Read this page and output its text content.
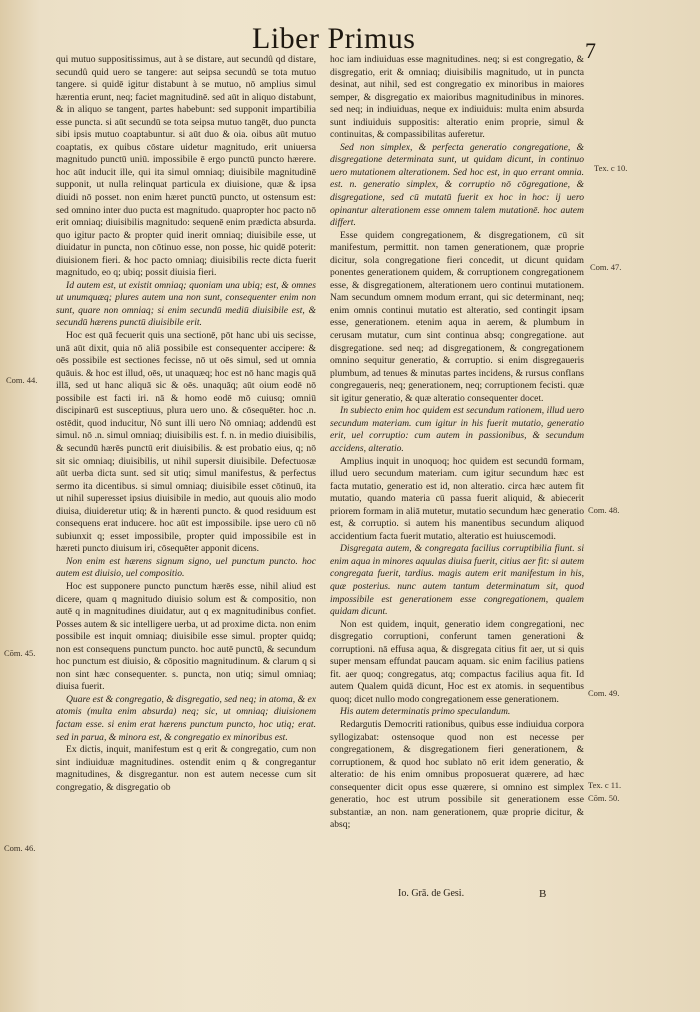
Liber Primus	7

qui mutuo suppositissimus, aut à se distare, aut secundû qd distare, secundû quid uero se tangere: aut seipsa secundû se tota mutuo tangere. si quidē igitur distabunt à se mutuo, nō amplius simul hærentia erunt, neq; faciet magnitudinē. sed aūt in aliquo distabunt, & in aliquo se tangent, partes habebunt: sed supponit impartibilia esse puncta. si aūt secundū se tota seipsa mutuo tangēt, duo puncta sibi ipsis mutuo coaptabuntur. si aūt duo & oia. oibus aūt mutuo coaptatis, ex quibus cōstare uidetur magnitudo, erit uniuersa magnitudo punctū uniū. impossibile ē ergo punctū puncto hærere. hoc aūt inducit ille, qui ita simul omniaq; diuisibile magnitudinē supponit, ut nulla relinquat particula ex diuisione, quæ & ipsa diuidi nō posset. non enim hæret punctū puncto, ut ostensum est: sed omnino inter duo pucta est magnitudo. quapropter hoc pacto nō erit omniaq; diuisibilis magnitudo: sequenē enim prædicta absurda. quo igitur pacto & propter quid inerit omniaq; diuisibile esse, ut diuidatur in puncta, non cōtinuo esse, non posse, hic quidē poterit: diuisionem fieri. & hoc pacto omniaq; diuisibilis recte dicta fuerit magnitudo, eo q; ubiq; possit diuisia fieri.

Id autem est, ut existit omniaq; quoniam una ubiq; est, & omnes ut unumquæq; plures autem una non sunt, consequenter enim non sunt, quare non omniaq; si enim secundū mediū diuisibile est, & secundū hærens punctū diuisibile erit.

Hoc est quā fecuerit quis una sectionē, pōt hanc ubi uis secisse, unā aūt dixit, quia nō aliā possibile est consequenter accipere: & oēs possibile est sectiones fecisse, nō ut oēs simul, sed ut omnia quāuis. & hoc est illud, oēs, ut unaquæq; hoc est nō hanc magis quā illā, sed ut hanc aliquā sic & oēs. unaquāq; aūt oium eodē nō possibile est facti iri. nā & homo eodē mō cuiusq; omniū discipinarū est susceptiuus, plura uero uno. & cōsequēter. hoc .n. ostēdit, quod inducitur, Nō sunt illi uero Nō omniaq; addendū est simul. nō .n. simul omniaq; diuisibilis est. f. n. in medio diuisibilis, & secundū hærēs punctū erit diuisibilis. & est probatio eius, q; nō sit sic omniaq; diuisibilis, ut nihil supersit diuisibile. Defectuosæ aūt uerba dicta sunt. sed sit utiq; simul manifestus, & perfectus sermo ita dicentibus. si simul omniaq; diuisibile esset cōtinuū, ita ut nihil superesset ipsius diuisibile in medio, aut quouis alio modo diuisa, diuideretur utiq; & in hærenti puncto. & quod residuum est consequens erat inducere. hoc aūt est impossibile. ipse uero cū nō subiunxit q; esset impossibile, propter quid impossibile est in hæreti puncto diuisum iri, cōsequēter apponit dicens.

Non enim est hærens signum signo, uel punctum puncto. hoc autem est diuisio, uel compositio.

Hoc est supponere puncto punctum hærēs esse, nihil aliud est dicere, quam q magnitudo diuisio solum est & compositio, non autē q in magnitudines diuidatur, aut q ex magnitudinibus confiet. Posses autem & sic intelligere uerba, ut ad proxime dicta. non enim possibile est inquit omniaq; diuisibile esse simul. propter quidq; non est consequens punctum puncto. hoc autē punctū, & secundum hoc punctum est diuisio, & cōpositio magnitudinum. & clarum q si non sint hæc consequenter. s. puncta, non utiq; simul omniaq; diuisa fuerit.

Quare est & congregatio, & disgregatio, sed neq; in atoma, & ex atomis (multa enim absurda) neq; sic, ut omniaq; diuisionem factam esse. si enim erat hærens punctum puncto, hoc utiq; erat. sed in parua, & minora est, & congregatio ex minoribus est.

Ex dictis, inquit, manifestum est q erit & congregatio, cum non sint indiuiduæ magnitudines. ostendit enim q & congregantur magnitudines, & disgregantur. non est autem necesse cum sit congregatio, & disgregatio ob

hoc iam indiuiduas esse magnitudines. neq; si est congregatio, & disgregatio, erit & omniaq; diuisibilis magnitudo, ut in puncta desinat, aut nihil, sed est congregatio ex minoribus in maiores semper, & disgregatio ex maioribus magnitudinibus in minores. sed neq; in indiuiduas, neque ex indiuiduis: multa enim absurda sunt indiuiduis suppositis: alteratio enim proprie, simul & continuitas, & compassibilitas auferetur.

Sed non simplex, & perfecta generatio congregatione, & disgregatione determinata sunt, ut quidam dicunt, in continuo uero mutationem alterationem. Sed hoc est, in quo errant omnia. est. n. generatio simplex, & corruptio nō cōgregatione, & disgregatione, sed cū mutatū fuerit ex hoc in hoc: ij uero opinantur alterationem esse omnem talem mutationē. hoc autem differt.

Esse quidem congregationem, & disgregationem, cū sit manifestum, permittit. non tamen generationem, quæ proprie dicitur, sola congregatione fieri concedit, ut dicunt quidam ponentes generationem quidem, & corruptionem congregationem esse, & disgregationem, alterationem uero continui mutationem. Nam secundum omnem modum errant, qui sic determinant, neq; enim omnis continui mutatio est alteratio, sed contingit ipsam esse, generationem. etenim aqua in aerem, & plumbum in cerusam mutatur, cum sint continua absq; congregatione. aut disgregatione. sed neq; ad disgregationem, & congregationem omnino sequitur generatio, & corruptio. si enim disgregaueris plumbum, ad tenues & minutas partes incidens, & rursus conflans congregaueris, neq; generationem, neq; corruptionem fecisti. quæ sit igitur generatio, & quæ alteratio consequenter docet.

In subiecto enim hoc quidem est secundum rationem, illud uero secundum materiam. cum igitur in his fuerit mutatio, generatio erit, uel corruptio: cum autem in passionibus, & secundum accidens, alteratio.

Amplius inquit in unoquoq; hoc quidem est secundū formam, illud uero secundum materiam. cum igitur secundum hæc est facta mutatio, generatio est id, non alteratio. circa hæc autem fit mutatio, quando materia cū passa fuerit aliquid, & abiecerit priorem formam in aliā mutetur, mutatio secundum hæc generatio est, & corruptio. si autem his manentibus secundum aliquod accidentium facta fuerit mutatio, alteratio est huiuscemodi.

Disgregata autem, & congregata facilius corruptibilia fiunt. si enim aqua in minores aquulas diuisa fuerit, citius aer fit: si autem congregata fuerit, tardius. magis autem erit manifestum in his, quæ posterius. nunc autem tantum determinatum sit, quod impossibile est generationem esse congregationem, qualem quidam dicunt.

Non est quidem, inquit, generatio idem congregationi, nec disgregatio corruptioni, conferunt tamen generationi & corruptioni. nā effusa aqua, & disgregata citius fit aer, ut si quis super mensam effundat paucam aquam. sic enim facilius patiens fit. aer quoq; congregatus, atq; compactus facilius aqua fit. Id autem Qualem quidā dicunt, Hoc est ex atomis. in sequentibus quoq; dicet nullo modo congregationem esse generationem.

His autem determinatis primo speculandum.

Redargutis Democriti rationibus, quibus esse indiuidua corpora syllogizabat: ostensoque quod non est necesse per congregationem, & disgregationem fieri generationem, & corruptionem, & quod hoc sublato nō erit idem generatio, & alteratio: de his enim omnibus proposuerat quærere, ad hæc consequenter dicit opus esse quærere, si omnino est simplex generatio, hoc est utrum possibile sit generationem esse substantiæ, an non. nam generationem, quæ proprie dicitur, & absq;

Com. 44.
Cōm. 45.
Com. 46.
Tex. c 10.
Com. 47.
Com. 48.
Com. 49.
Tex. c 11.
Cōm. 50.
Io. Grā. de Gesi.	B
